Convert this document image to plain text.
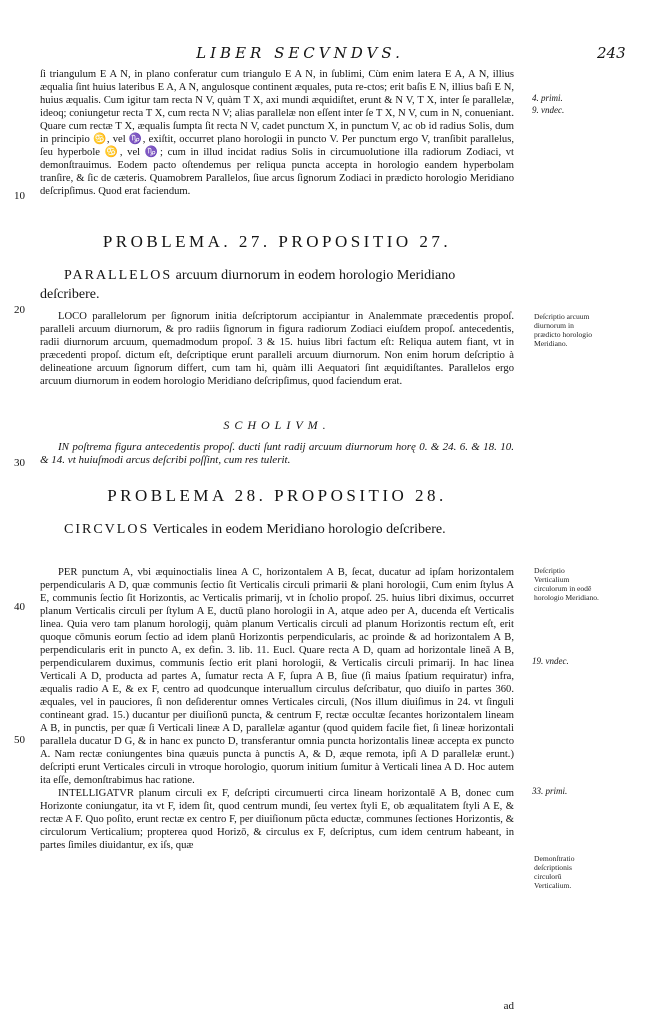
LIBER SECVNDVS.	243
10
20
30
40
50

ſi triangulum E A N, in plano conferatur cum triangulo E A N, in ſublimi, Cùm enim latera E A, A N, illius æqualia ſint huius lateribus E A, A N, angulosque continent æquales, puta re-ctos; erit baſis E N, illius baſi E N, huius æqualis. Cum igitur tam recta N V, quàm T X, axi mundi æquidiſtet, erunt & N V, T X, inter ſe parallelæ, ideoq; coniungetur recta T X, cum recta N V; alias parallelæ non eſſent inter ſe T X, N V, cum in N, conueniant. Quare cum rectæ T X, æqualis ſumpta ſit recta N V, cadet punctum X, in punctum V, ac ob id radius Solis, dum in principio ♋, vel ♑, exiſtit, occurret plano horologii in puncto V. Per punctum ergo V, tranſibit parallelus, ſeu hyperbole ♋, vel ♑; cum in illud incidat radius Solis in circumuolutione illa radiorum Zodiaci, vt demonſtrauimus. Eodem pacto oſtendemus per reliqua puncta accepta in horologio eandem hyperbolam tranſire, & ſic de cæteris. Quamobrem Parallelos, ſiue arcus ſignorum Zodiaci in prædicto horologio Meridiano deſcripſimus. Quod erat faciendum.

PROBLEMA. 27. PROPOSITIO 27.
PARALLELOS arcuum diurnorum in eodem horologio Meridiano deſcribere.

LOCO parallelorum per ſignorum initia deſcriptorum accipiantur in Analemmate præcedentis propoſ. paralleli arcuum diurnorum, & pro radiis ſignorum in figura radiorum Zodiaci eiuſdem propoſ. antecedentis, radii diurnorum arcuum, quemadmodum propoſ. 3 & 15. huius libri factum eſt: Reliqua autem fiant, vt in præcedenti propoſ. dictum eſt, deſcriptique erunt paralleli arcuum diurnorum. Non enim horum deſcriptio à delineatione arcuum ſignorum differt, cum tam hi, quàm illi Aequatori ſint æquidiſtantes. Parallelos ergo arcuum diurnorum in eodem horologio Meridiano deſcripſimus, quod faciendum erat.

SCHOLIVM.
IN poſtrema figura antecedentis propoſ. ducti ſunt radij arcuum diurnorum horę 0. & 24. 6. & 18. 10. & 14. vt huiuſmodi arcus deſcribi poſſint, cum res tulerit.
PROBLEMA 28. PROPOSITIO 28.
CIRCVLOS Verticales in eodem Meridiano horologio deſcribere.

PER punctum A, vbi æquinoctialis linea A C, horizontalem A B, ſecat, ducatur ad ipſam horizontalem perpendicularis A D, quæ communis ſectio ſit Verticalis circuli primarii & plani horologii, Cum enim ſtylus A E, communis ſectio ſit Horizontis, ac Verticalis primarij, vt in ſcholio propoſ. 25. huius libri diximus, occurret planum Verticalis circuli per ſtylum A E, ductū plano horologii in A, atque adeo per A, ducenda eſt Verticalis linea. Quia vero tam planum horologij, quàm planum Verticalis circuli ad planum Horizontis rectum eſt, erit quoque cōmunis eorum ſectio ad idem planū Horizontis perpendicularis, ac proinde & ad horizontalem A B, perpendicularis erit in puncto A, ex defin. 3. lib. 11. Eucl. Quare recta A D, quam ad horizontale lineā A B, perpendicularem duximus, communis ſectio erit plani horologii, & Verticalis circuli primarij. In hac linea Verticali A D, producta ad partes A, ſumatur recta A F, ſupra A B, ſiue (ſi maius ſpatium requiratur) infra, æqualis radio A E, & ex F, centro ad quodcunque interuallum circulus deſcribatur, quo diuiſo in partes 360. æquales, vel in pauciores, ſi non deſiderentur omnes Verticales circuli, (Nos illum diuiſimus in 24. vt ſinguli contineant grad. 15.) ducantur per diuiſionū puncta, & centrum F, rectæ occultæ ſecantes horizontalem lineam A B, in punctis, per quæ ſi Verticali lineæ A D, parallelæ agantur (quod quidem facile fiet, ſi lineæ horizontali parallela ducatur D G, & in hanc ex puncto D, transferantur omnia puncta horizontalis lineæ accepta ex puncto A. Nam rectæ coniungentes bina quæuis puncta à punctis A, & D, æque remota, ipſi A D parallelæ erunt.) deſcripti erunt Verticales circuli in vtroque horologio, quorum initium ſumitur à Verticali linea A D. Hoc autem ita eſſe, demonſtrabimus hac ratione.

INTELLIGATVR planum circuli ex F, deſcripti circumuerti circa lineam horizontalē A B, donec cum Horizonte coniungatur, ita vt F, idem ſit, quod centrum mundi, ſeu vertex ſtyli E, ob æqualitatem ſtyli A E, & rectæ A F. Quo poſito, erunt rectæ ex centro F, per diuiſionum pūcta eductæ, communes ſectiones Horizontis, & circulorum Verticalium; propterea quod Horizō, & circulus ex F, deſcriptus, cum idem centrum habeant, in partes ſimiles diuidantur, ex iſs, quæ

ad
4. primi.
9. vndec.
Deſcriptio arcuum diurnorum in prædicto horologio Meridiano.
Deſcriptio Verticalium circulorum in eodē horologio Meridiano.
19. vndec.
33. primi.
Demonſtratio deſcriptionis circulorū Verticalium.
